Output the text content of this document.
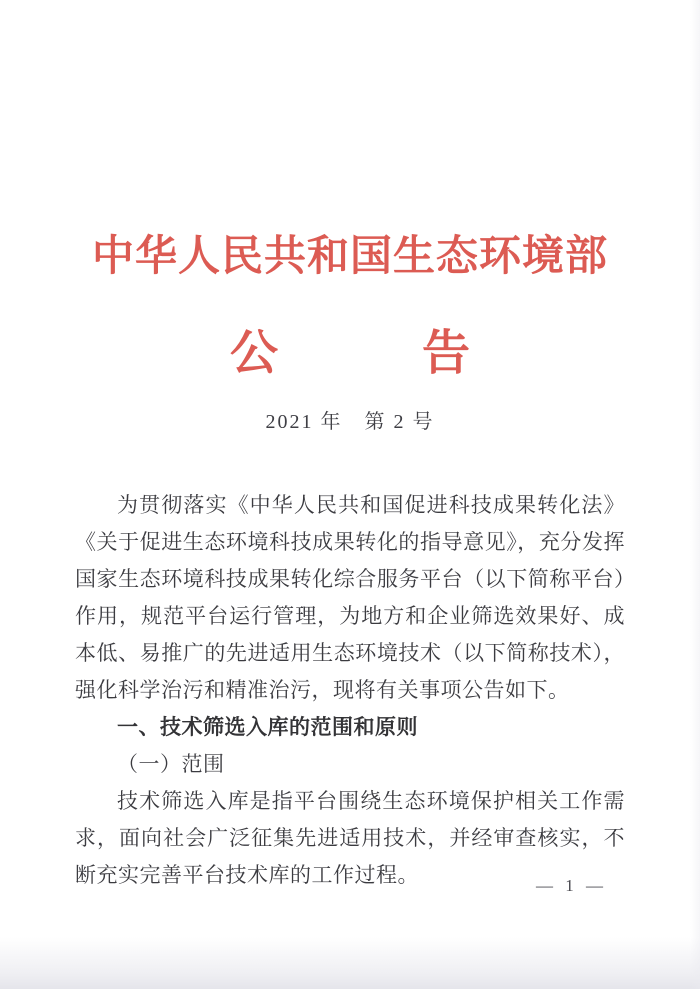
中华人民共和国生态环境部
公　　　告
2021 年　第 2 号

为贯彻落实《中华人民共和国促进科技成果转化法》《关于促进生态环境科技成果转化的指导意见》，充分发挥国家生态环境科技成果转化综合服务平台（以下简称平台）作用，规范平台运行管理，为地方和企业筛选效果好、成本低、易推广的先进适用生态环境技术（以下简称技术），强化科学治污和精准治污，现将有关事项公告如下。

一、技术筛选入库的范围和原则

（一）范围

技术筛选入库是指平台围绕生态环境保护相关工作需求，面向社会广泛征集先进适用技术，并经审查核实，不断充实完善平台技术库的工作过程。	— 1 —
